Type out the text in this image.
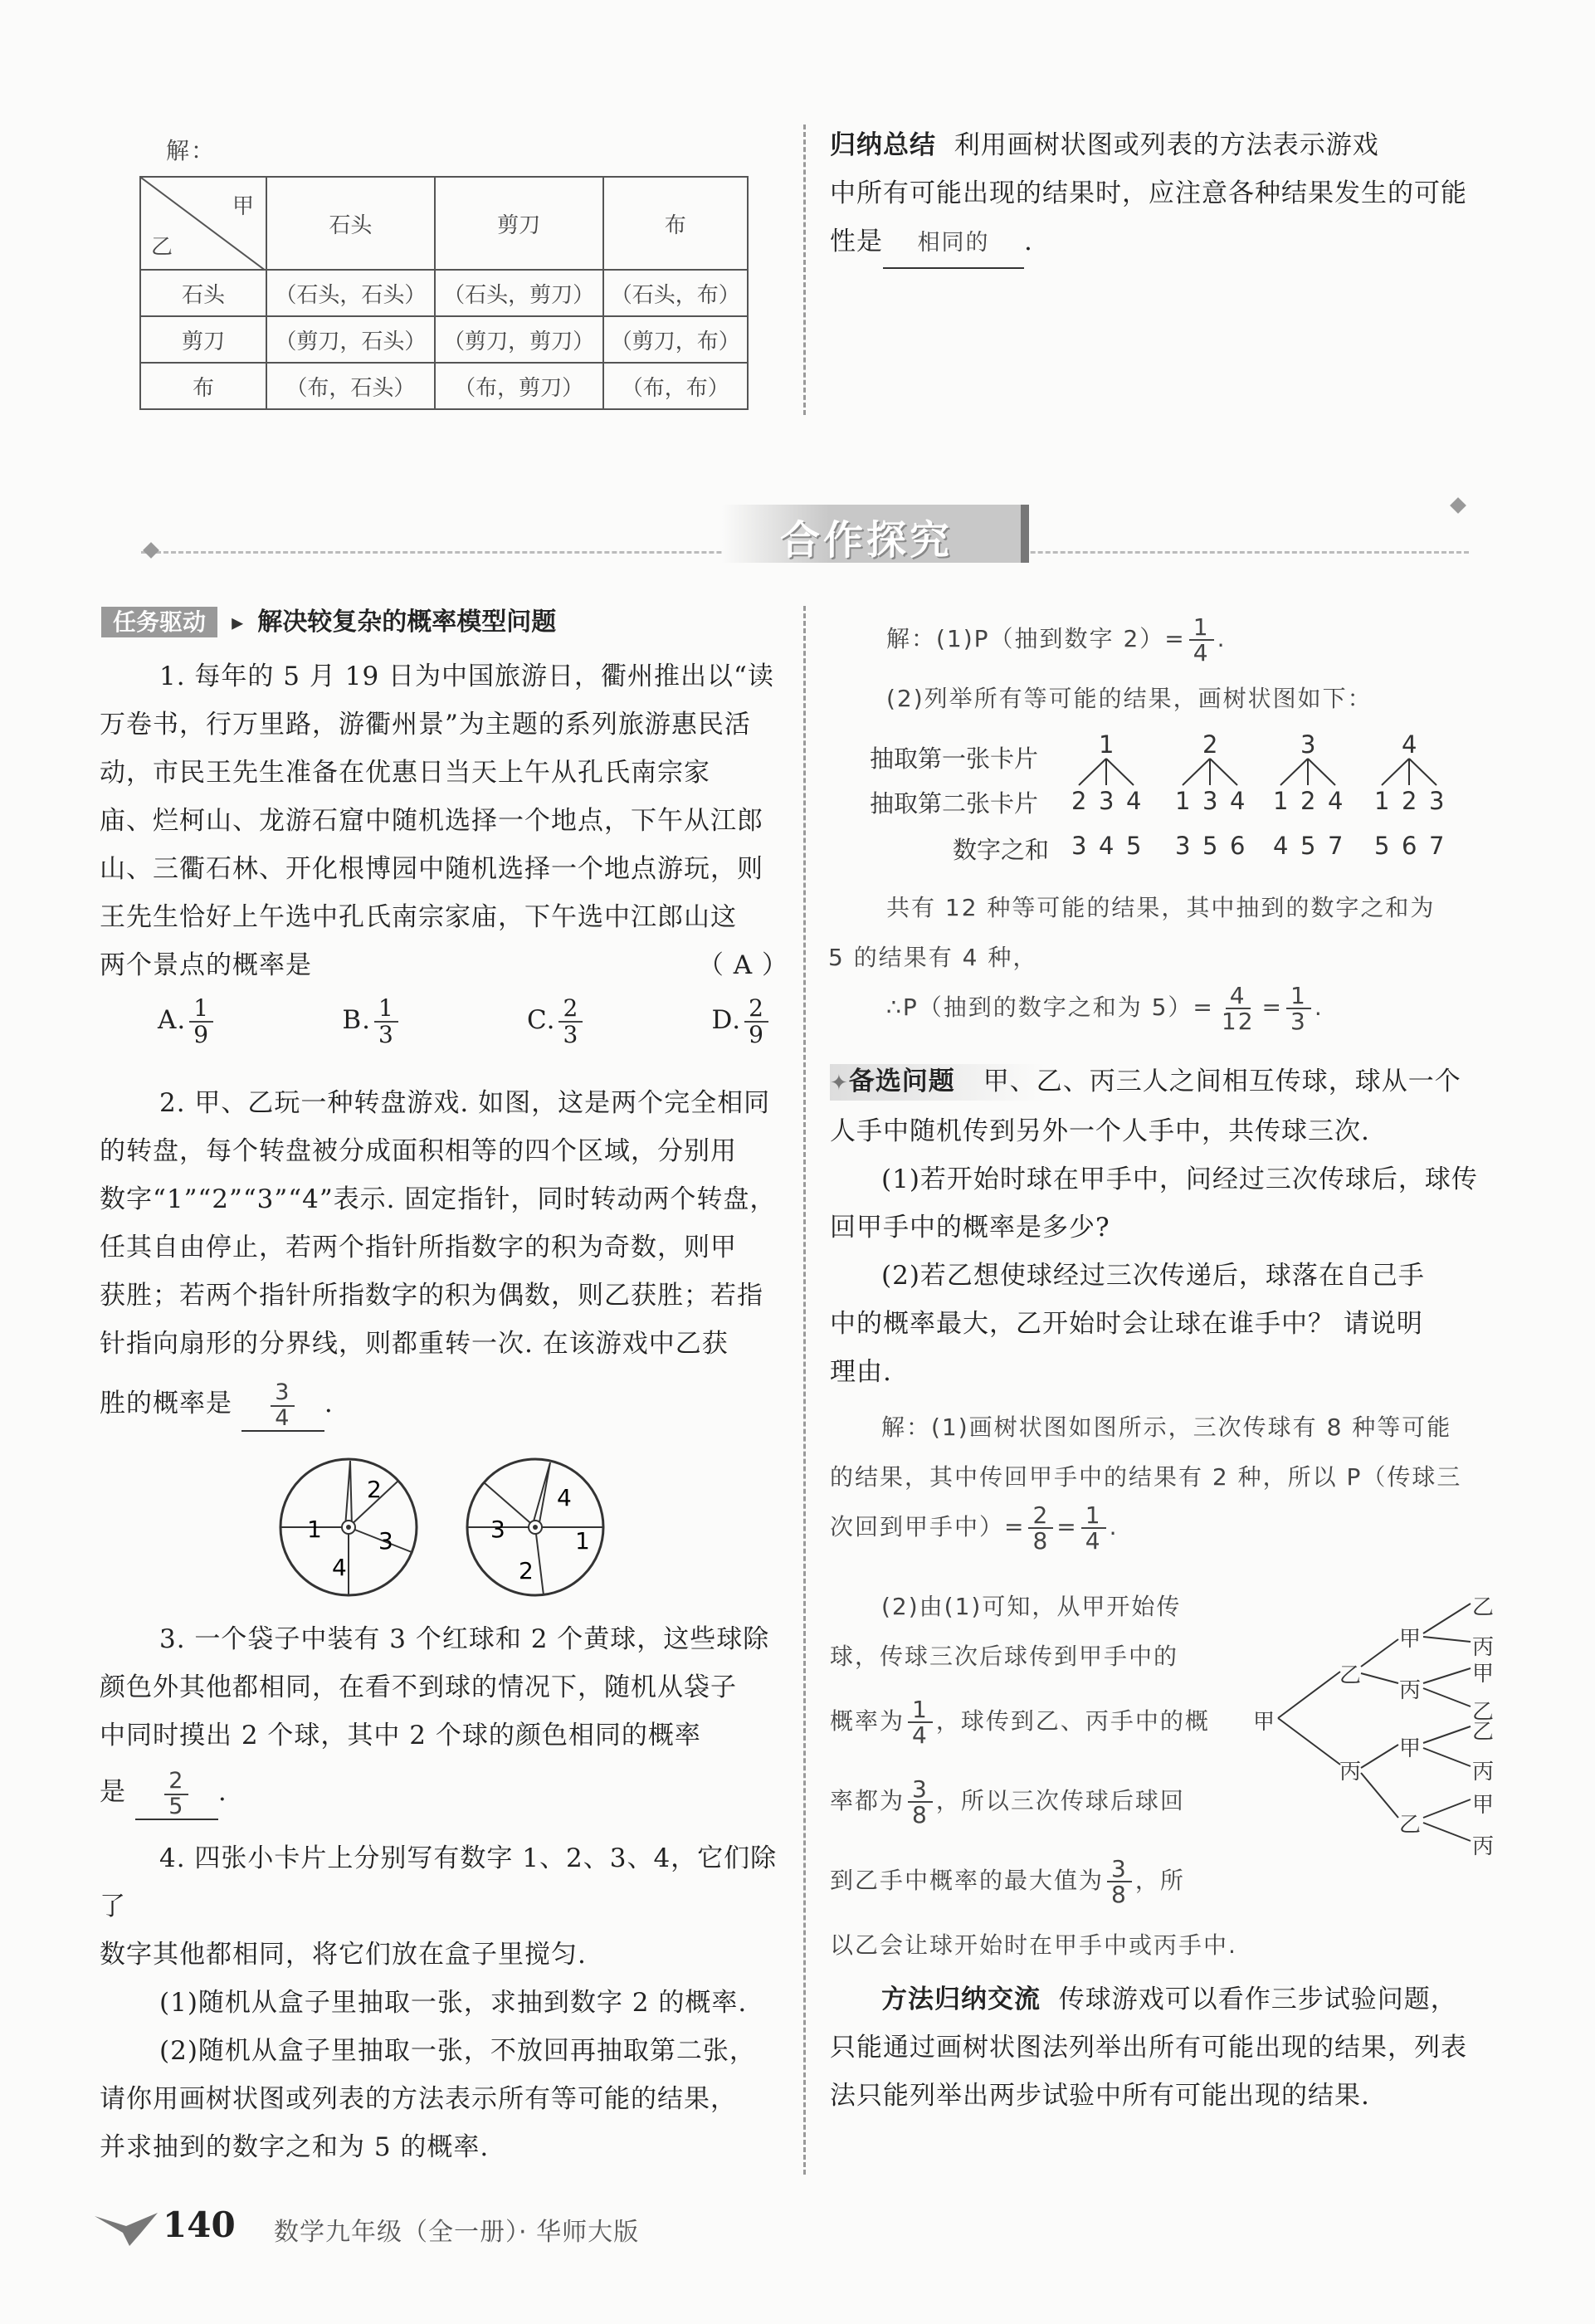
解：
甲
乙	石头	剪刀	布
石头	（石头，石头）	（石头，剪刀）	（石头，布）
剪刀	（剪刀，石头）	（剪刀，剪刀）	（剪刀，布）
布	（布，石头）	（布，剪刀）	（布，布）
归纳总结 利用画树状图或列表的方法表示游戏
中所有可能出现的结果时，应注意各种结果发生的可能
性是 相同的 .
合作探究
任务驱动 ▸ 解决较复杂的概率模型问题
1. 每年的 5 月 19 日为中国旅游日，衢州推出以“读
万卷书，行万里路，游衢州景”为主题的系列旅游惠民活
动，市民王先生准备在优惠日当天上午从孔氏南宗家
庙、烂柯山、龙游石窟中随机选择一个地点，下午从江郎
山、三衢石林、开化根博园中随机选择一个地点游玩，则
王先生恰好上午选中孔氏南宗家庙，下午选中江郎山这
两个景点的概率是	（ A ）
A. $\frac{1}{9}$	B. $\frac{1}{3}$	C. $\frac{2}{3}$	D. $\frac{2}{9}$
2. 甲、乙玩一种转盘游戏. 如图，这是两个完全相同
的转盘，每个转盘被分成面积相等的四个区域，分别用
数字“1”“2”“3”“4”表示. 固定指针，同时转动两个转盘，
任其自由停止，若两个指针所指数字的积为奇数，则甲
获胜；若两个指针所指数字的积为偶数，则乙获胜；若指
针指向扇形的分界线，则都重转一次. 在该游戏中乙获
胜的概率是 $\frac{3}{4}$ .
1
2
3
4
3
4
1
2
3. 一个袋子中装有 3 个红球和 2 个黄球，这些球除
颜色外其他都相同，在看不到球的情况下，随机从袋子
中同时摸出 2 个球，其中 2 个球的颜色相同的概率
是 $\frac{2}{5}$ .
4. 四张小卡片上分别写有数字 1、2、3、4，它们除了
数字其他都相同，将它们放在盒子里搅匀.
(1)随机从盒子里抽取一张，求抽到数字 2 的概率.
(2)随机从盒子里抽取一张，不放回再抽取第二张，
请你用画树状图或列表的方法表示所有等可能的结果，
并求抽到的数字之和为 5 的概率.
解：(1)P（抽到数字 $2)= \frac{1}{4}$ .
(2)列举所有等可能的结果，画树状图如下：
抽取第一张卡片
抽取第二张卡片
数字之和
1	2	3	4
2 3 4 1 3 4 1 2 4 1 2 3
3 4 5 3 5 6 4 5 7 5 6 7
共有 12 种等可能的结果，其中抽到的数字之和为
5 的结果有 4 种，
∴P（抽到的数字之和为 $5)= \frac{4}{12} = \frac{1}{3}$ .
✦备选问题 甲、乙、丙三人之间相互传球，球从一个
人手中随机传到另外一个人手中，共传球三次.
(1)若开始时球在甲手中，问经过三次传球后，球传
回甲手中的概率是多少?
(2)若乙想使球经过三次传递后，球落在自己手
中的概率最大，乙开始时会让球在谁手中？ 请说明
理由.
解：(1)画树状图如图所示，三次传球有 8 种等可能
的结果，其中传回甲手中的结果有 2 种，所以 P（传球三
次回到甲手中）= $\frac{2}{8} = \frac{1}{4}$ .
(2)由(1)可知，从甲开始传
球，传球三次后球传到甲手中的
概率为 $\frac{1}{4}$ ，球传到乙、丙手中的概
率都为 $\frac{3}{8}$ ，所以三次传球后球回
到乙手中概率的最大值为 $\frac{3}{8}$ ，所
以乙会让球开始时在甲手中或丙手中.
甲
乙
丙
甲
丙
甲
乙
乙
丙
甲
乙
乙
丙
甲
丙
方法归纳交流 传球游戏可以看作三步试验问题，
只能通过画树状图法列举出所有可能出现的结果，列表
法只能列举出两步试验中所有可能出现的结果.
140 数学九年级（全一册）· 华师大版
